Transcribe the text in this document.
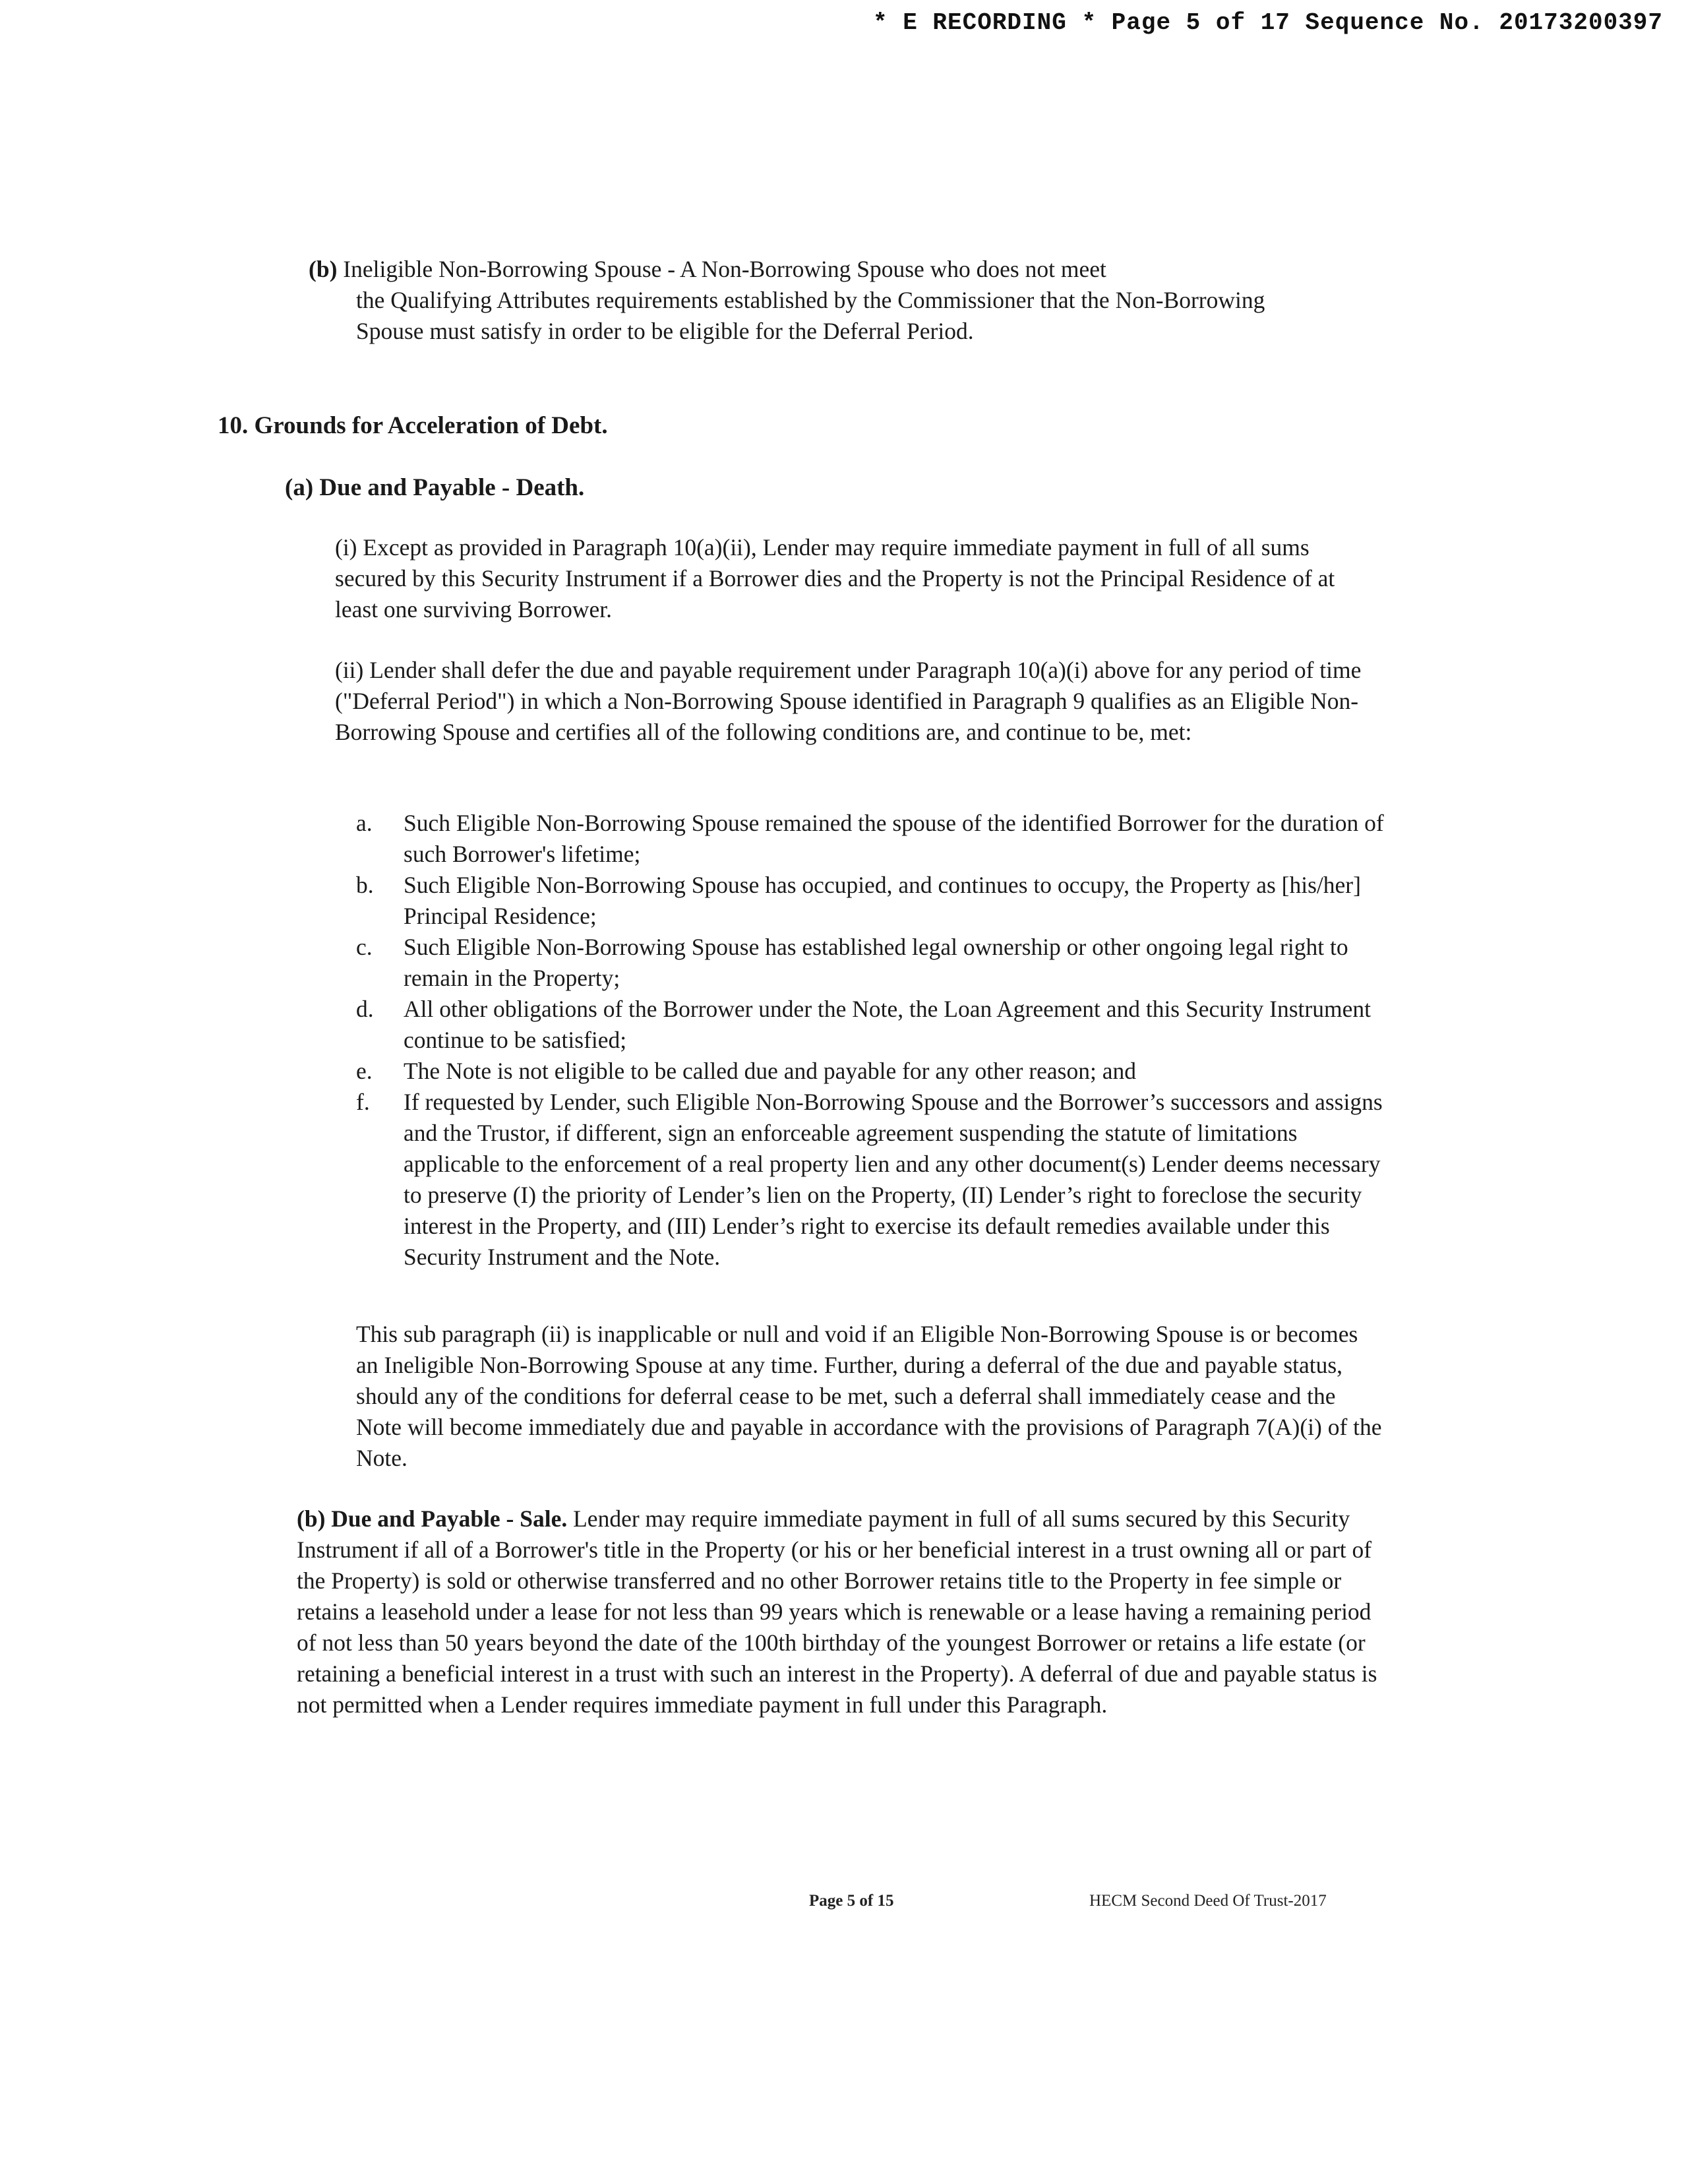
* E RECORDING * Page 5 of 17 Sequence No. 20173200397
(b) Ineligible Non-Borrowing Spouse - A Non-Borrowing Spouse who does not meet
the Qualifying Attributes requirements established by the Commissioner that the Non-Borrowing Spouse must satisfy in order to be eligible for the Deferral Period.
10. Grounds for Acceleration of Debt.
(a) Due and Payable - Death.
(i) Except as provided in Paragraph 10(a)(ii), Lender may require immediate payment in full of all sums secured by this Security Instrument if a Borrower dies and the Property is not the Principal Residence of at least one surviving Borrower.
(ii) Lender shall defer the due and payable requirement under Paragraph 10(a)(i) above for any period of time ("Deferral Period") in which a Non-Borrowing Spouse identified in Paragraph 9 qualifies as an Eligible Non-Borrowing Spouse and certifies all of the following conditions are, and continue to be, met:
a. Such Eligible Non-Borrowing Spouse remained the spouse of the identified Borrower for the duration of such Borrower's lifetime;
b. Such Eligible Non-Borrowing Spouse has occupied, and continues to occupy, the Property as [his/her] Principal Residence;
c. Such Eligible Non-Borrowing Spouse has established legal ownership or other ongoing legal right to remain in the Property;
d. All other obligations of the Borrower under the Note, the Loan Agreement and this Security Instrument continue to be satisfied;
e. The Note is not eligible to be called due and payable for any other reason; and
f. If requested by Lender, such Eligible Non-Borrowing Spouse and the Borrower’s successors and assigns and the Trustor, if different, sign an enforceable agreement suspending the statute of limitations applicable to the enforcement of a real property lien and any other document(s) Lender deems necessary to preserve (I) the priority of Lender’s lien on the Property, (II) Lender’s right to foreclose the security interest in the Property, and (III) Lender’s right to exercise its default remedies available under this Security Instrument and the Note.
This sub paragraph (ii) is inapplicable or null and void if an Eligible Non-Borrowing Spouse is or becomes an Ineligible Non-Borrowing Spouse at any time. Further, during a deferral of the due and payable status, should any of the conditions for deferral cease to be met, such a deferral shall immediately cease and the Note will become immediately due and payable in accordance with the provisions of Paragraph 7(A)(i) of the Note.
(b) Due and Payable - Sale. Lender may require immediate payment in full of all sums secured by this Security Instrument if all of a Borrower's title in the Property (or his or her beneficial interest in a trust owning all or part of the Property) is sold or otherwise transferred and no other Borrower retains title to the Property in fee simple or retains a leasehold under a lease for not less than 99 years which is renewable or a lease having a remaining period of not less than 50 years beyond the date of the 100th birthday of the youngest Borrower or retains a life estate (or retaining a beneficial interest in a trust with such an interest in the Property). A deferral of due and payable status is not permitted when a Lender requires immediate payment in full under this Paragraph.
Page 5 of 15	HECM Second Deed Of Trust-2017
